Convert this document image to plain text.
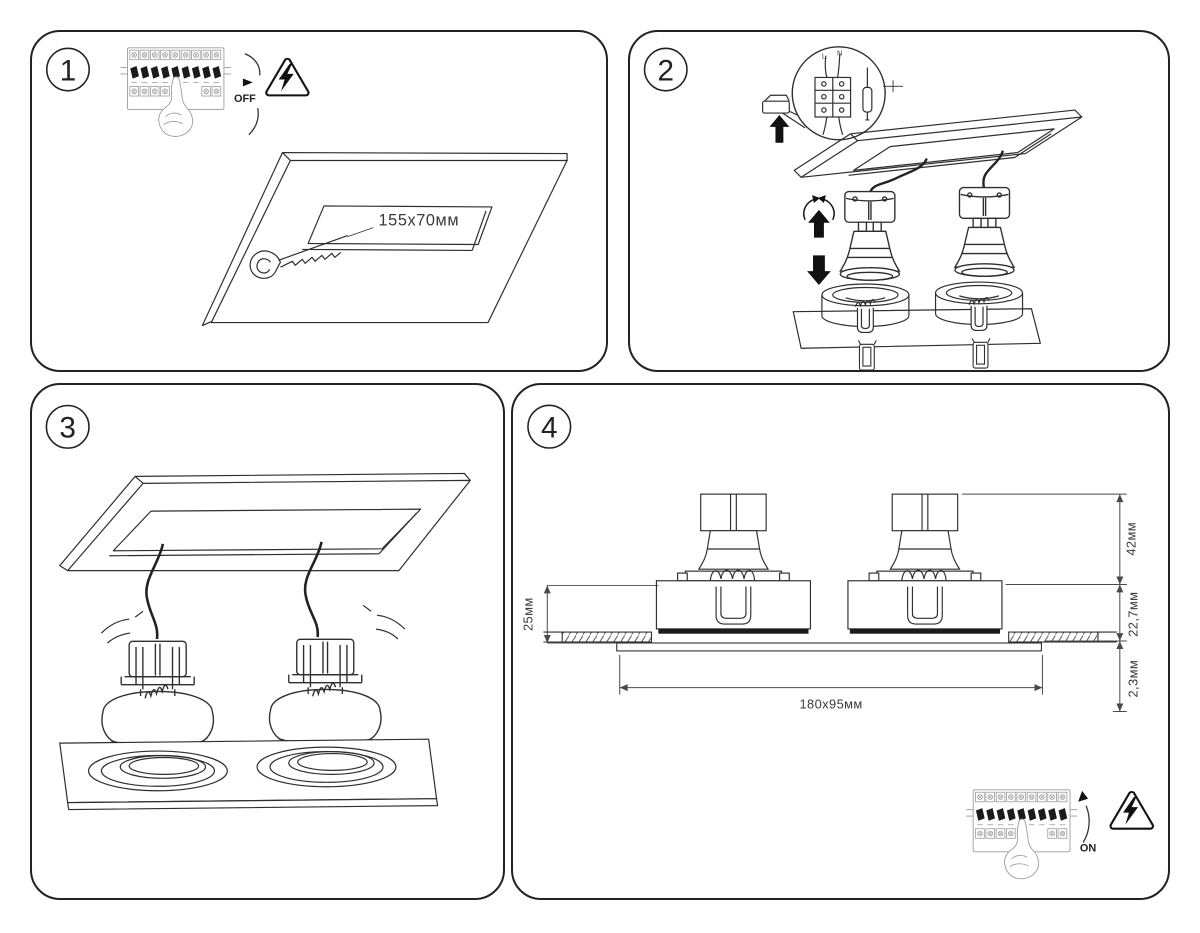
1
OFF
155x70мм
2	L N
3	4
25мм
42мм
22,7мм
2,3мм
180x95мм
ON
